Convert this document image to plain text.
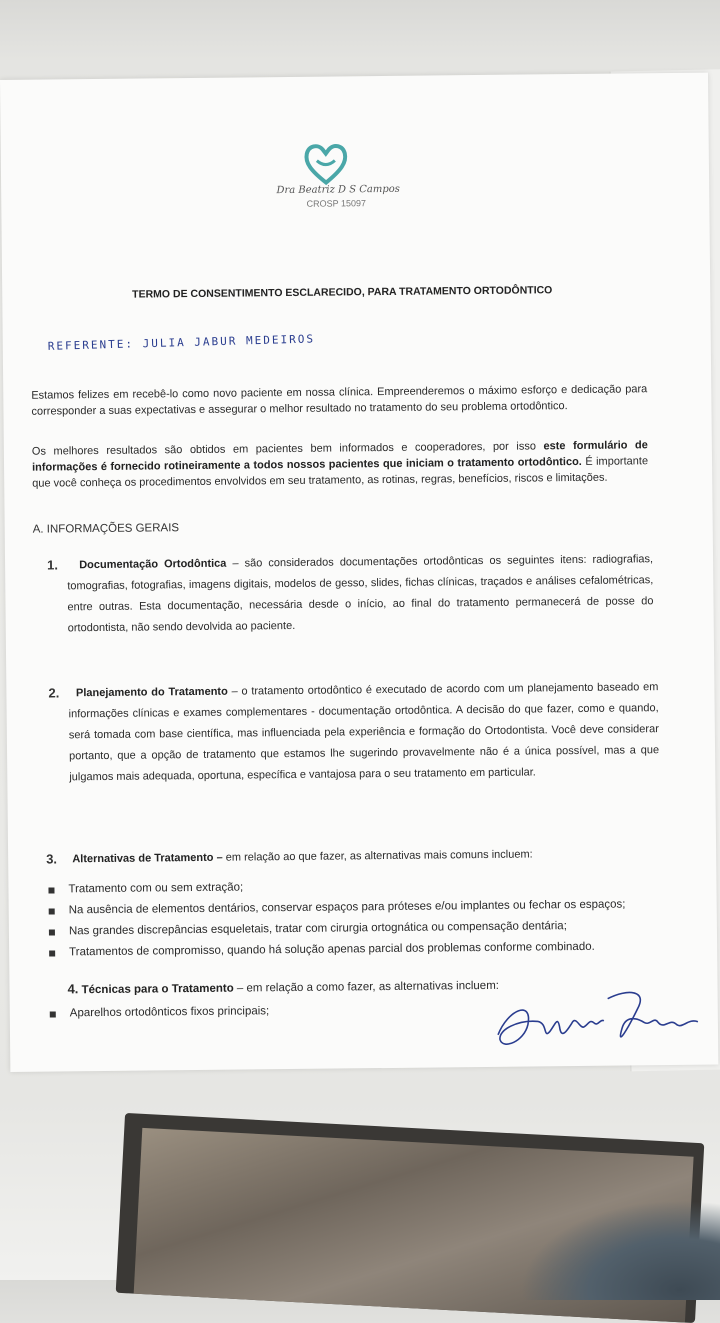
Dra Beatriz D S Campos
CROSP 15097
TERMO DE CONSENTIMENTO ESCLARECIDO, PARA TRATAMENTO ORTODÔNTICO
REFERENTE: JULIA JABUR MEDEIROS
Estamos felizes em recebê-lo como novo paciente em nossa clínica. Empreenderemos o máximo esforço e dedicação para corresponder a suas expectativas e assegurar o melhor resultado no tratamento do seu problema ortodôntico.
Os melhores resultados são obtidos em pacientes bem informados e cooperadores, por isso este formulário de informações é fornecido rotineiramente a todos nossos pacientes que iniciam o tratamento ortodôntico. É importante que você conheça os procedimentos envolvidos em seu tratamento, as rotinas, regras, benefícios, riscos e limitações.
A. INFORMAÇÕES GERAIS
1.	Documentação Ortodôntica – são considerados documentações ortodônticas os seguintes itens: radiografias, tomografias, fotografias, imagens digitais, modelos de gesso, slides, fichas clínicas, traçados e análises cefalométricas, entre outras. Esta documentação, necessária desde o início, ao final do tratamento permanecerá de posse do ortodontista, não sendo devolvida ao paciente.
2.	Planejamento do Tratamento – o tratamento ortodôntico é executado de acordo com um planejamento baseado em informações clínicas e exames complementares - documentação ortodôntica. A decisão do que fazer, como e quando, será tomada com base científica, mas influenciada pela experiência e formação do Ortodontista. Você deve considerar portanto, que a opção de tratamento que estamos lhe sugerindo provavelmente não é a única possível, mas a que julgamos mais adequada, oportuna, específica e vantajosa para o seu tratamento em particular.
3.	Alternativas de Tratamento – em relação ao que fazer, as alternativas mais comuns incluem:
Tratamento com ou sem extração;
Na ausência de elementos dentários, conservar espaços para próteses e/ou implantes ou fechar os espaços;
Nas grandes discrepâncias esqueletais, tratar com cirurgia ortognática ou compensação dentária;
Tratamentos de compromisso, quando há solução apenas parcial dos problemas conforme combinado.
4. Técnicas para o Tratamento – em relação a como fazer, as alternativas incluem:
Aparelhos ortodônticos fixos principais;
